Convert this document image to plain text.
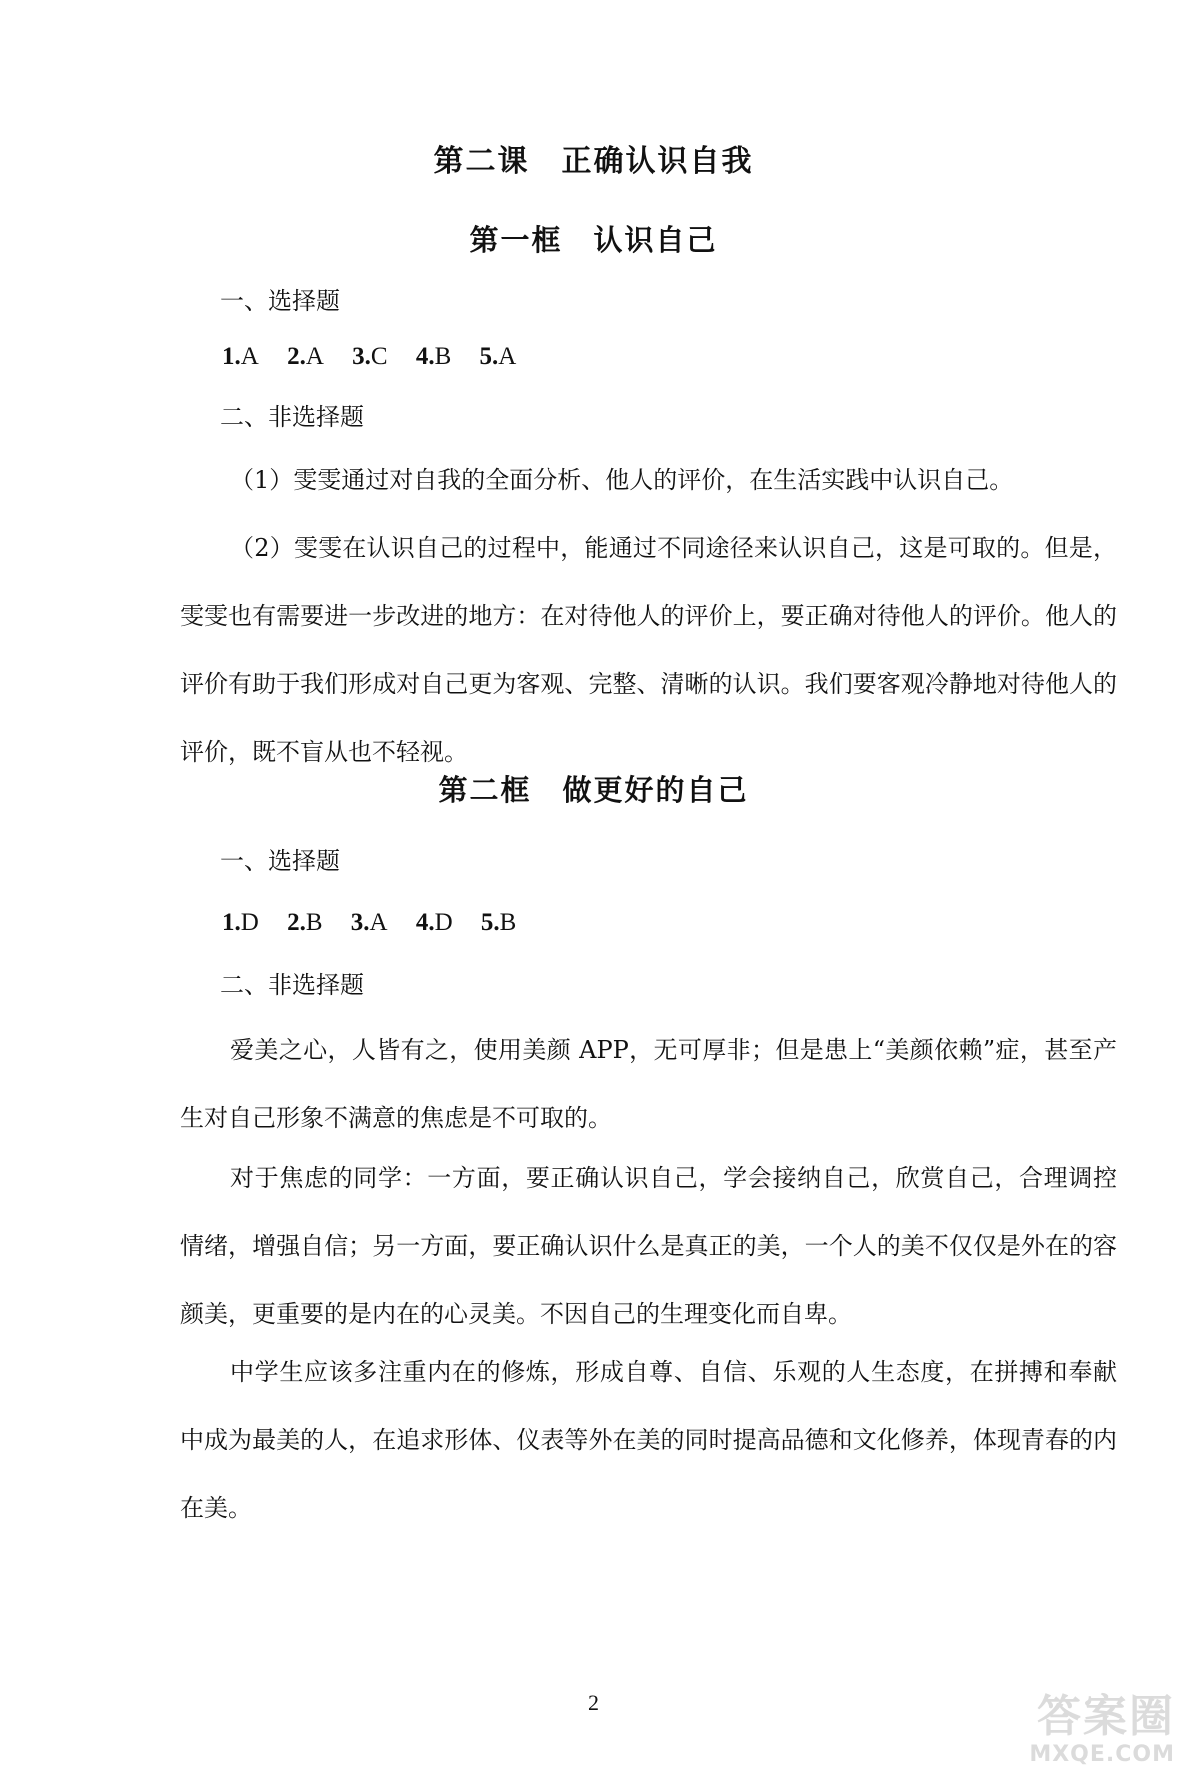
第二课　正确认识自我
第一框　认识自己
一、选择题
1.A 2.A 3.C 4.B 5.A
二、非选择题
（1）雯雯通过对自我的全面分析、他人的评价，在生活实践中认识自己。
（2）雯雯在认识自己的过程中，能通过不同途径来认识自己，这是可取的。但是，雯雯也有需要进一步改进的地方：在对待他人的评价上，要正确对待他人的评价。他人的评价有助于我们形成对自己更为客观、完整、清晰的认识。我们要客观冷静地对待他人的评价，既不盲从也不轻视。
第二框　做更好的自己
一、选择题
1.D 2.B 3.A 4.D 5.B
二、非选择题
爱美之心，人皆有之，使用美颜 APP，无可厚非；但是患上“美颜依赖”症，甚至产生对自己形象不满意的焦虑是不可取的。
对于焦虑的同学：一方面，要正确认识自己，学会接纳自己，欣赏自己，合理调控情绪，增强自信；另一方面，要正确认识什么是真正的美，一个人的美不仅仅是外在的容颜美，更重要的是内在的心灵美。不因自己的生理变化而自卑。
中学生应该多注重内在的修炼，形成自尊、自信、乐观的人生态度，在拼搏和奉献中成为最美的人，在追求形体、仪表等外在美的同时提高品德和文化修养，体现青春的内在美。
2	答案圈
MXQE.COM
